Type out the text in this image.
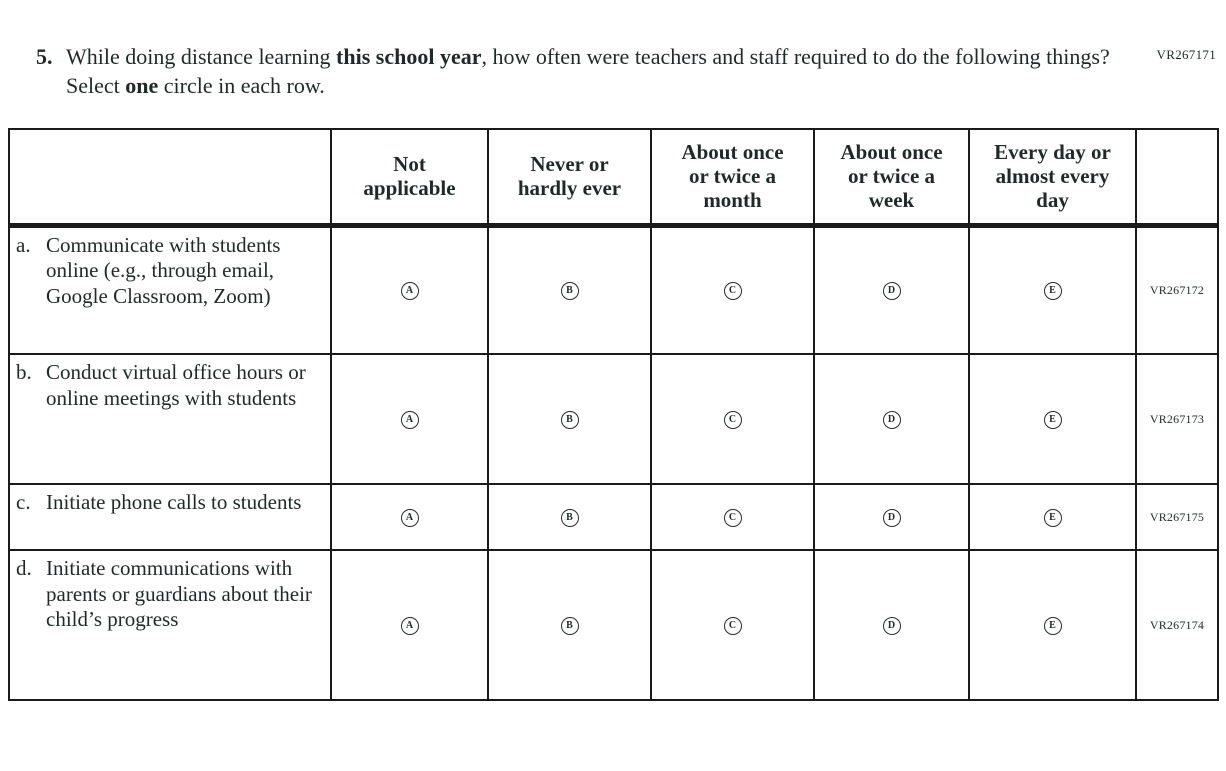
VR267171
5. While doing distance learning this school year, how often were teachers and staff required to do the following things? Select one circle in each row.
	Not applicable	Never or hardly ever	About once or twice a month	About once or twice a week	Every day or almost every day	

a. Communicate with students online (e.g., through email, Google Classroom, Zoom)	A	B	C	D	E	VR267172

b. Conduct virtual office hours or online meetings with students	A	B	C	D	E	VR267173

c. Initiate phone calls to students	A	B	C	D	E	VR267175

d. Initiate communications with parents or guardians about their child’s progress	A	B	C	D	E	VR267174
